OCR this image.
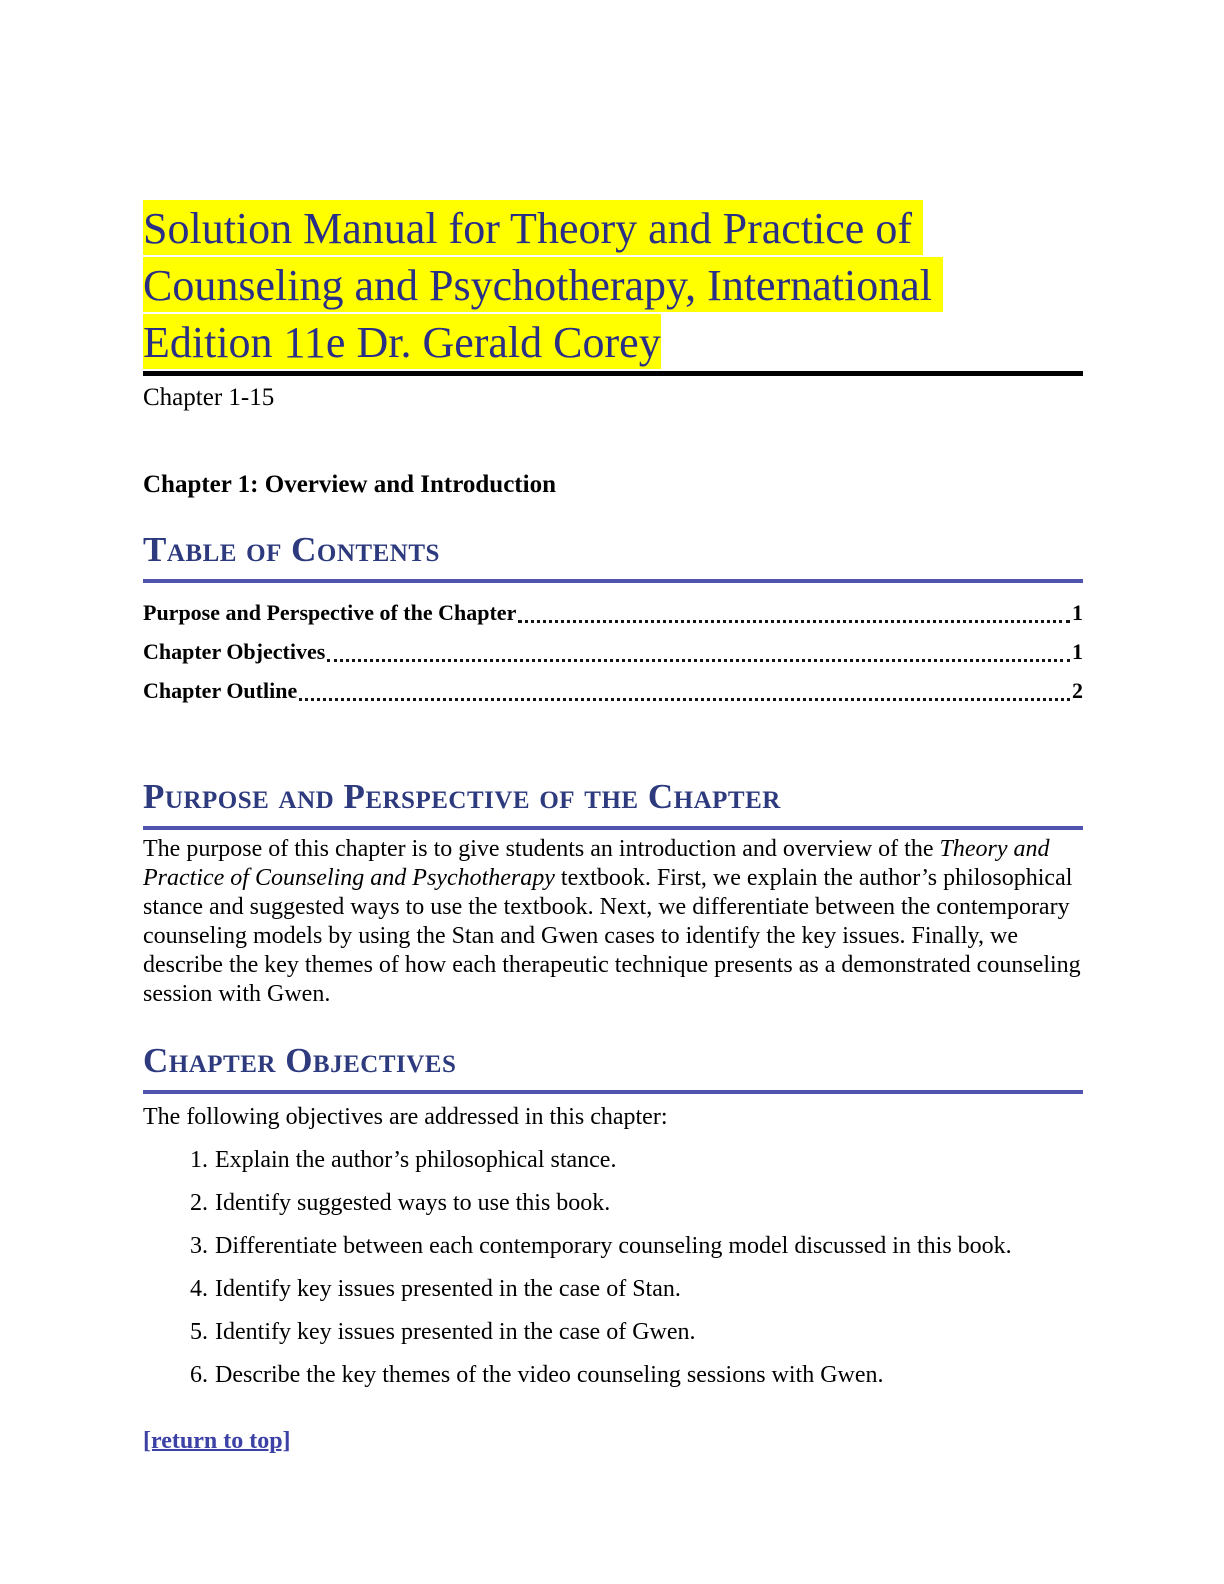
Solution Manual for Theory and Practice of
Counseling and Psychotherapy, International
Edition 11e Dr. Gerald Corey
Chapter 1-15
Chapter 1: Overview and Introduction
Table of Contents
Purpose and Perspective of the Chapter	1
Chapter Objectives	1
Chapter Outline	2
Purpose and Perspective of the Chapter

The purpose of this chapter is to give students an introduction and overview of the Theory and Practice of Counseling and Psychotherapy textbook. First, we explain the author’s philosophical stance and suggested ways to use the textbook. Next, we differentiate between the contemporary counseling models by using the Stan and Gwen cases to identify the key issues. Finally, we describe the key themes of how each therapeutic technique presents as a demonstrated counseling session with Gwen.

Chapter Objectives

The following objectives are addressed in this chapter:

1. Explain the author’s philosophical stance.
2. Identify suggested ways to use this book.
3. Differentiate between each contemporary counseling model discussed in this book.
4. Identify key issues presented in the case of Stan.
5. Identify key issues presented in the case of Gwen.
6. Describe the key themes of the video counseling sessions with Gwen.
[return to top]
